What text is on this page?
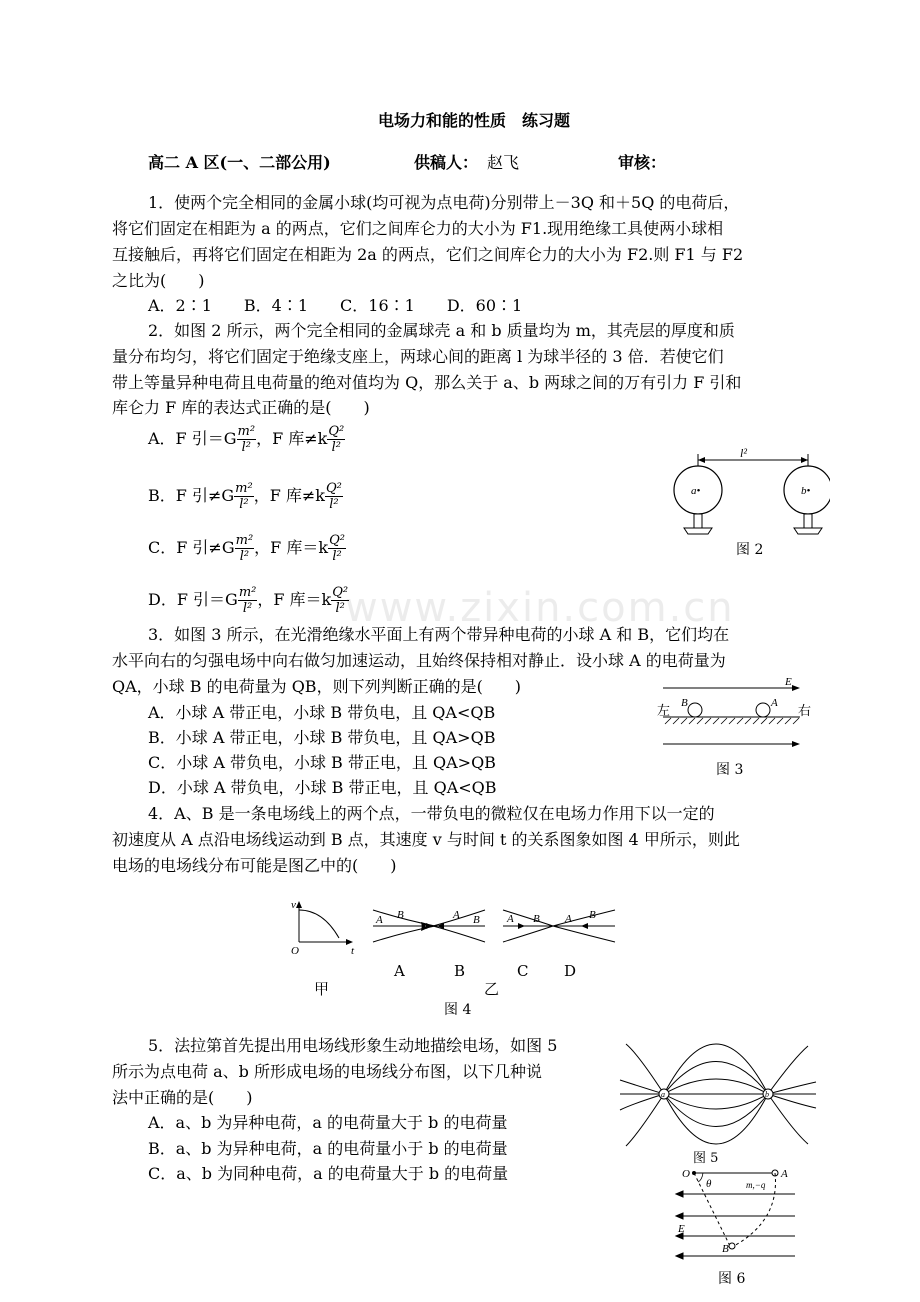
www.zixin.com.cn
电场力和能的性质　练习题
高二 A 区(一、二部公用)	供稿人： 赵飞	审核：
1．使两个完全相同的金属小球(均可视为点电荷)分别带上－3Q 和＋5Q 的电荷后，
将它们固定在相距为 a 的两点，它们之间库仑力的大小为 F1.现用绝缘工具使两小球相
互接触后，再将它们固定在相距为 2a 的两点，它们之间库仑力的大小为 F2.则 F1 与 F2
之比为(　　)
A．2∶1　　B．4∶1　　C．16∶1　　D．60∶1
2．如图 2 所示，两个完全相同的金属球壳 a 和 b 质量均为 m，其壳层的厚度和质
量分布均匀，将它们固定于绝缘支座上，两球心间的距离 l 为球半径的 3 倍．若使它们
带上等量异种电荷且电荷量的绝对值均为 Q，那么关于 a、b 两球之间的万有引力 F 引和
库仑力 F 库的表达式正确的是(　　)
A．F 引$=G \frac{\text{m²}}{\text{l²}}$ ，F 库$\ne k \frac{\text{Q²}}{\text{l²}}$
B．F 引$\ne G \frac{\text{m²}}{\text{l²}}$ ，F 库$\ne k \frac{\text{Q²}}{\text{l²}}$
C．F 引$\ne G \frac{\text{m²}}{\text{l²}}$ ，F 库$=k \frac{\text{Q²}}{\text{l²}}$
D．F 引$=G \frac{\text{m²}}{\text{l²}}$ ，F 库$=k \frac{\text{Q²}}{\text{l²}}$
l²
a•	b•
图 2
3．如图 3 所示，在光滑绝缘水平面上有两个带异种电荷的小球 A 和 B，它们均在
水平向右的匀强电场中向右做匀加速运动，且始终保持相对静止．设小球 A 的电荷量为
QA，小球 B 的电荷量为 QB，则下列判断正确的是(　　)
A．小球 A 带正电，小球 B 带负电，且 QA<QB
B．小球 A 带正电，小球 B 带负电，且 QA>QB
C．小球 A 带负电，小球 B 带正电，且 QA>QB
D．小球 A 带负电，小球 B 带正电，且 QA<QB
E
左	右
B	A
图 3
4．A、B 是一条电场线上的两个点，一带负电的微粒仅在电场力作用下以一定的
初速度从 A 点沿电场线运动到 B 点，其速度 v 与时间 t 的关系图象如图 4 甲所示，则此
电场的电场线分布可能是图乙中的(　　)
v
t
O
A B	A B A B A B
A	B	C D
甲	乙
图 4
5．法拉第首先提出用电场线形象生动地描绘电场，如图 5
所示为点电荷 a、b 所形成电场的电场线分布图，以下几种说
法中正确的是(　　)
A．a、b 为异种电荷，a 的电荷量大于 b 的电荷量
B．a、b 为异种电荷，a 的电荷量小于 b 的电荷量
C．a、b 为同种电荷，a 的电荷量大于 b 的电荷量
a	b
图 5
O	A
B
θ	m,−q
E
图 6
